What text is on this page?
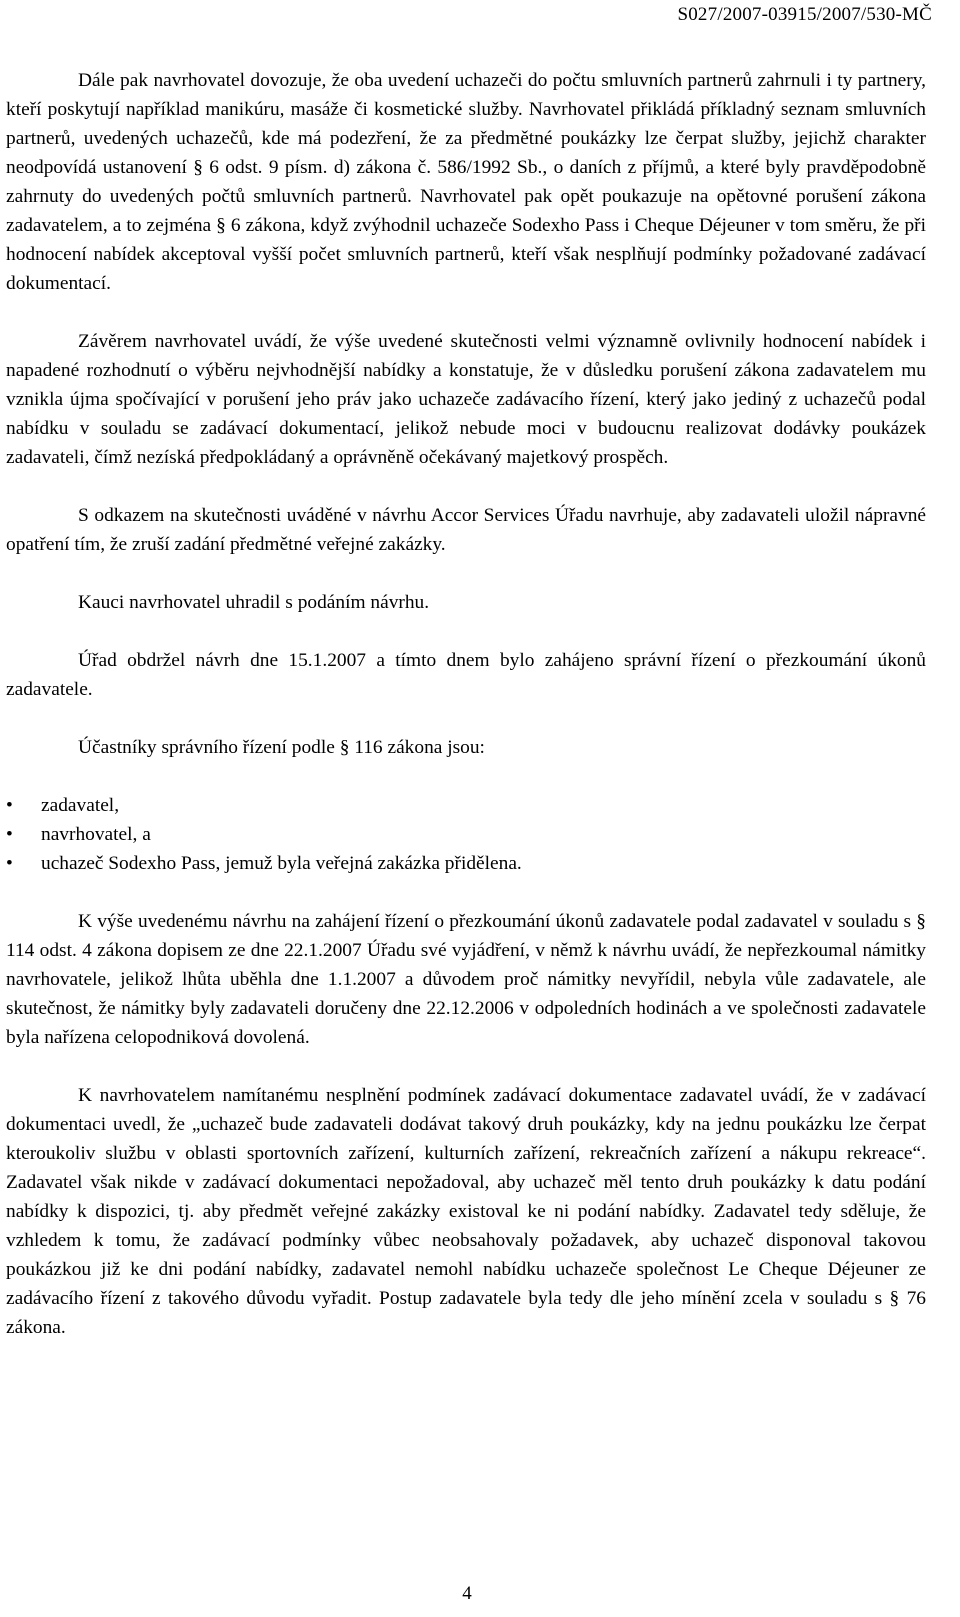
S027/2007-03915/2007/530-MČ

Dále pak navrhovatel dovozuje, že oba uvedení uchazeči do počtu smluvních partnerů zahrnuli i ty partnery, kteří poskytují například manikúru, masáže či kosmetické služby. Navrhovatel přikládá příkladný seznam smluvních partnerů, uvedených uchazečů, kde má podezření, že za předmětné poukázky lze čerpat služby, jejichž charakter neodpovídá ustanovení § 6 odst. 9 písm. d) zákona č. 586/1992 Sb., o daních z příjmů, a které byly pravděpodobně zahrnuty do uvedených počtů smluvních partnerů. Navrhovatel pak opět poukazuje na opětovné porušení zákona zadavatelem, a to zejména § 6 zákona, když zvýhodnil uchazeče Sodexho Pass i Cheque Déjeuner v tom směru, že při hodnocení nabídek akceptoval vyšší počet smluvních partnerů, kteří však nesplňují podmínky požadované zadávací dokumentací.

Závěrem navrhovatel uvádí, že výše uvedené skutečnosti velmi významně ovlivnily hodnocení nabídek i napadené rozhodnutí o výběru nejvhodnější nabídky a konstatuje, že v důsledku porušení zákona zadavatelem mu vznikla újma spočívající v porušení jeho práv jako uchazeče zadávacího řízení, který jako jediný z uchazečů podal nabídku v souladu se zadávací dokumentací, jelikož nebude moci v budoucnu realizovat dodávky poukázek zadavateli, čímž nezíská předpokládaný a oprávněně očekávaný majetkový prospěch.

S odkazem na skutečnosti uváděné v návrhu Accor Services Úřadu navrhuje, aby zadavateli uložil nápravné opatření tím, že zruší zadání předmětné veřejné zakázky.

Kauci navrhovatel uhradil s podáním návrhu.

Úřad obdržel návrh dne 15.1.2007 a tímto dnem bylo zahájeno správní řízení o přezkoumání úkonů zadavatele.

Účastníky správního řízení podle § 116 zákona jsou:

•	zadavatel,
•	navrhovatel, a
•	uchazeč Sodexho Pass, jemuž byla veřejná zakázka přidělena.

K výše uvedenému návrhu na zahájení řízení o přezkoumání úkonů zadavatele podal zadavatel v souladu s § 114 odst. 4 zákona dopisem ze dne 22.1.2007 Úřadu své vyjádření, v němž k návrhu uvádí, že nepřezkoumal námitky navrhovatele, jelikož lhůta uběhla dne 1.1.2007 a důvodem proč námitky nevyřídil, nebyla vůle zadavatele, ale skutečnost, že námitky byly zadavateli doručeny dne 22.12.2006 v odpoledních hodinách a ve společnosti zadavatele byla nařízena celopodniková dovolená.

K navrhovatelem namítanému nesplnění podmínek zadávací dokumentace zadavatel uvádí, že v zadávací dokumentaci uvedl, že „uchazeč bude zadavateli dodávat takový druh poukázky, kdy na jednu poukázku lze čerpat kteroukoliv službu v oblasti sportovních zařízení, kulturních zařízení, rekreačních zařízení a nákupu rekreace“. Zadavatel však nikde v zadávací dokumentaci nepožadoval, aby uchazeč měl tento druh poukázky k datu podání nabídky k dispozici, tj. aby předmět veřejné zakázky existoval ke ni podání nabídky. Zadavatel tedy sděluje, že vzhledem k tomu, že zadávací podmínky vůbec neobsahovaly požadavek, aby uchazeč disponoval takovou poukázkou již ke dni podání nabídky, zadavatel nemohl nabídku uchazeče společnost Le Cheque Déjeuner ze zadávacího řízení z takového důvodu vyřadit. Postup zadavatele byla tedy dle jeho mínění zcela v souladu s § 76 zákona.

4
